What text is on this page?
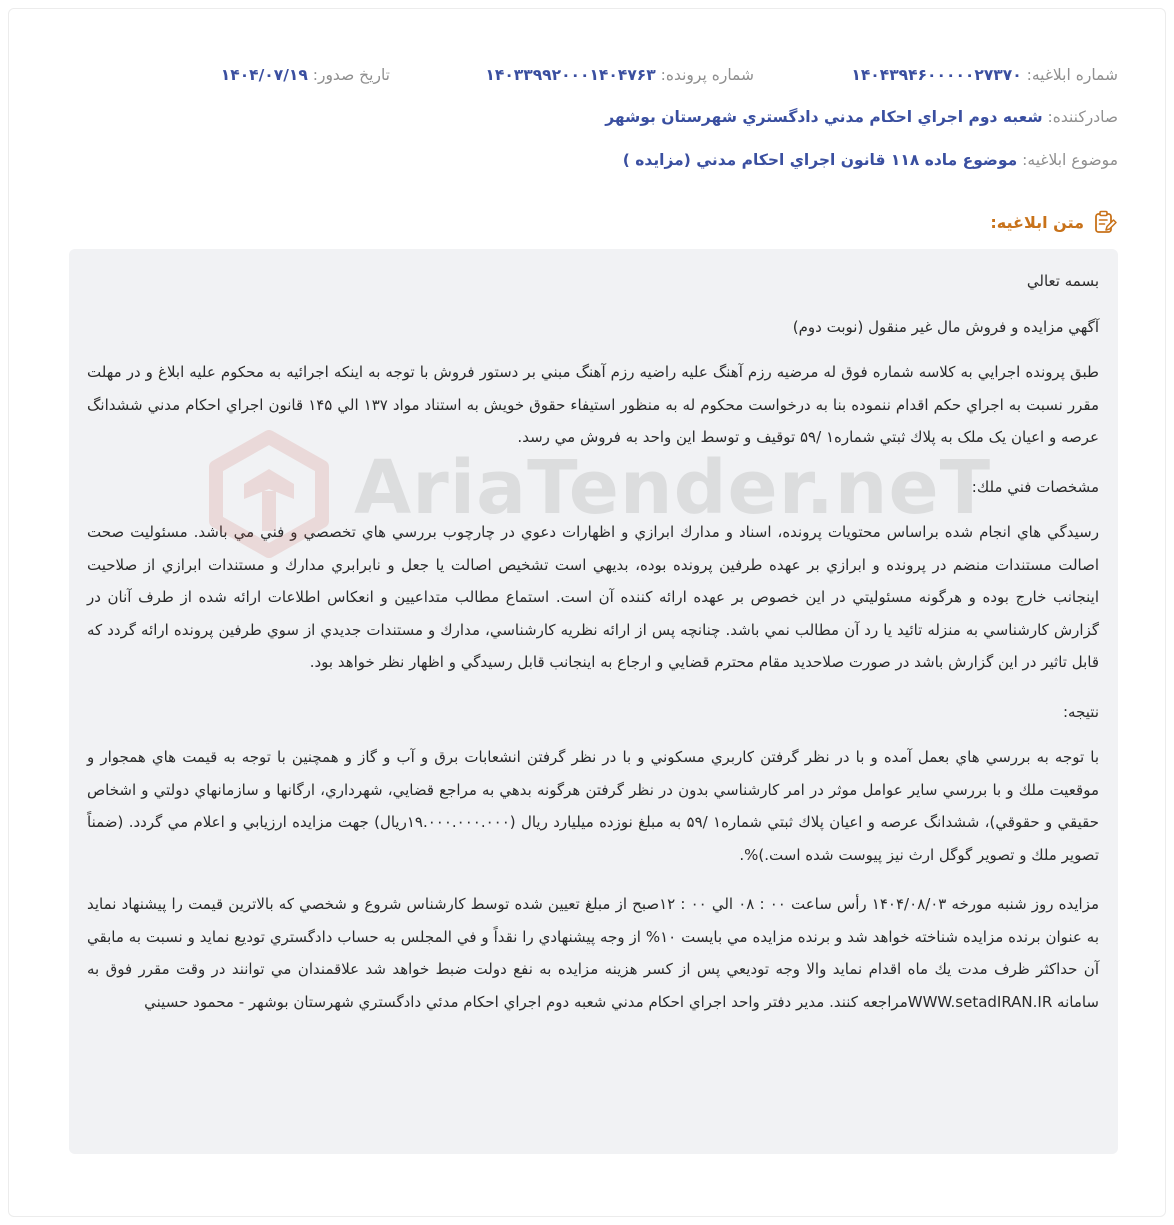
شماره ابلاغيه: ۱۴۰۴۳۹۴۶۰۰۰۰۰۲۷۳۷۰
شماره پرونده: ۱۴۰۳۳۹۹۲۰۰۰۱۴۰۴۷۶۳
تاريخ صدور: ۱۴۰۴/۰۷/۱۹
صادرکننده: شعبه دوم اجراي احکام مدني دادگستري شهرستان بوشهر
موضوع ابلاغيه: موضوع ماده ۱۱۸ قانون اجراي احکام مدني (مزايده )
متن ابلاغيه:

بسمه تعالي

آگهي مزايده و فروش مال غير منقول (نوبت دوم)

طبق پرونده اجرايي به کلاسه شماره فوق له مرضيه رزم آهنگ عليه راضيه رزم آهنگ مبني بر دستور فروش با توجه به اينکه اجرائيه به محکوم عليه ابلاغ و در مهلت مقرر نسبت به اجراي حکم اقدام ننموده بنا به درخواست محکوم له به منظور استيفاء حقوق خويش به استناد مواد ۱۳۷ الي ۱۴۵ قانون اجراي احکام مدني ششدانگ عرصه و اعيان يک ملک به پلاك ثبتي شماره۱ /۵۹ توقيف و توسط اين واحد به فروش مي رسد.

مشخصات فني ملك:

رسيدگي هاي انجام شده براساس محتويات پرونده، اسناد و مدارك ابرازي و اظهارات دعوي در چارچوب بررسي هاي تخصصي و فني مي باشد. مسئوليت صحت اصالت مستندات منضم در پرونده و ابرازي بر عهده طرفين پرونده بوده، بديهي است تشخيص اصالت يا جعل و نابرابري مدارك و مستندات ابرازي از صلاحيت اينجانب خارج بوده و هرگونه مسئوليتي در اين خصوص بر عهده ارائه كننده آن است. استماع مطالب متداعيين و انعكاس اطلاعات ارائه شده از طرف آنان در گزارش كارشناسي به منزله تائيد يا رد آن مطالب نمي باشد. چنانچه پس از ارائه نظريه كارشناسي، مدارك و مستندات جديدي از سوي طرفين پرونده ارائه گردد كه قابل تاثير در اين گزارش باشد در صورت صلاحديد مقام محترم قضايي و ارجاع به اينجانب قابل رسيدگي و اظهار نظر خواهد بود.

نتيجه:

با توجه به بررسي هاي بعمل آمده و با در نظر گرفتن كاربري مسكوني و با در نظر گرفتن انشعابات برق و آب و گاز و همچنين با توجه به قيمت هاي همجوار و موقعيت ملك و با بررسي ساير عوامل موثر در امر كارشناسي بدون در نظر گرفتن هرگونه بدهي به مراجع قضايي، شهرداري، ارگانها و سازمانهاي دولتي و اشخاص حقيقي و حقوقي)، ششدانگ عرصه و اعيان پلاك ثبتي شماره۱ /۵۹ به مبلغ نوزده ميليارد ريال (۱۹.۰۰۰.۰۰۰.۰۰۰ريال) جهت مزايده ارزيابي و اعلام مي گردد. (ضمناً تصوير ملك و تصوير گوگل ارث نيز پيوست شده است.)%.

مزايده روز شنبه مورخه ۱۴۰۴/۰۸/۰۳ رأس ساعت ۰۰ : ۰۸ الي ۰۰ : ۱۲صبح از مبلغ تعيين شده توسط كارشناس شروع و شخصي كه بالاترين قيمت را پيشنهاد نمايد به عنوان برنده مزايده شناخته خواهد شد و برنده مزايده مي بايست ۱۰% از وجه پيشنهادي را نقداً و في المجلس به حساب دادگستري توديع نمايد و نسبت به مابقي آن حداكثر ظرف مدت يك ماه اقدام نمايد والا وجه توديعي پس از كسر هزينه مزايده به نفع دولت ضبط خواهد شد علاقمندان مي توانند در وقت مقرر فوق به سامانه WWW.setadIRAN.IRمراجعه كنند. مدير دفتر واحد اجراي احكام مدني شعبه دوم اجراي احكام مدئي دادگستري شهرستان بوشهر - محمود حسيني
